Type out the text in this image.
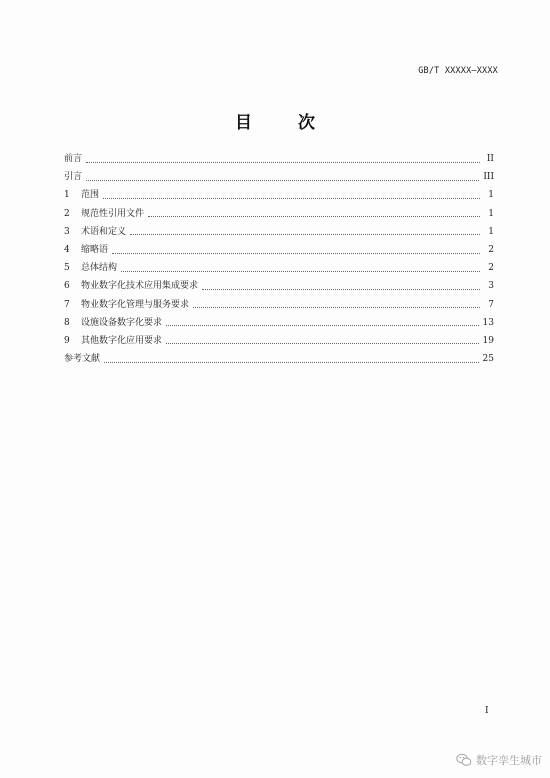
GB/T XXXXX—XXXX
目 次
前言	II
引言	III
1	范围	1
2	规范性引用文件	1
3	术语和定义	1
4	缩略语	2
5	总体结构	2
6	物业数字化技术应用集成要求	3
7	物业数字化管理与服务要求	7
8	设施设备数字化要求	13
9	其他数字化应用要求	19
参考文献	25
I
数字孪生城市
